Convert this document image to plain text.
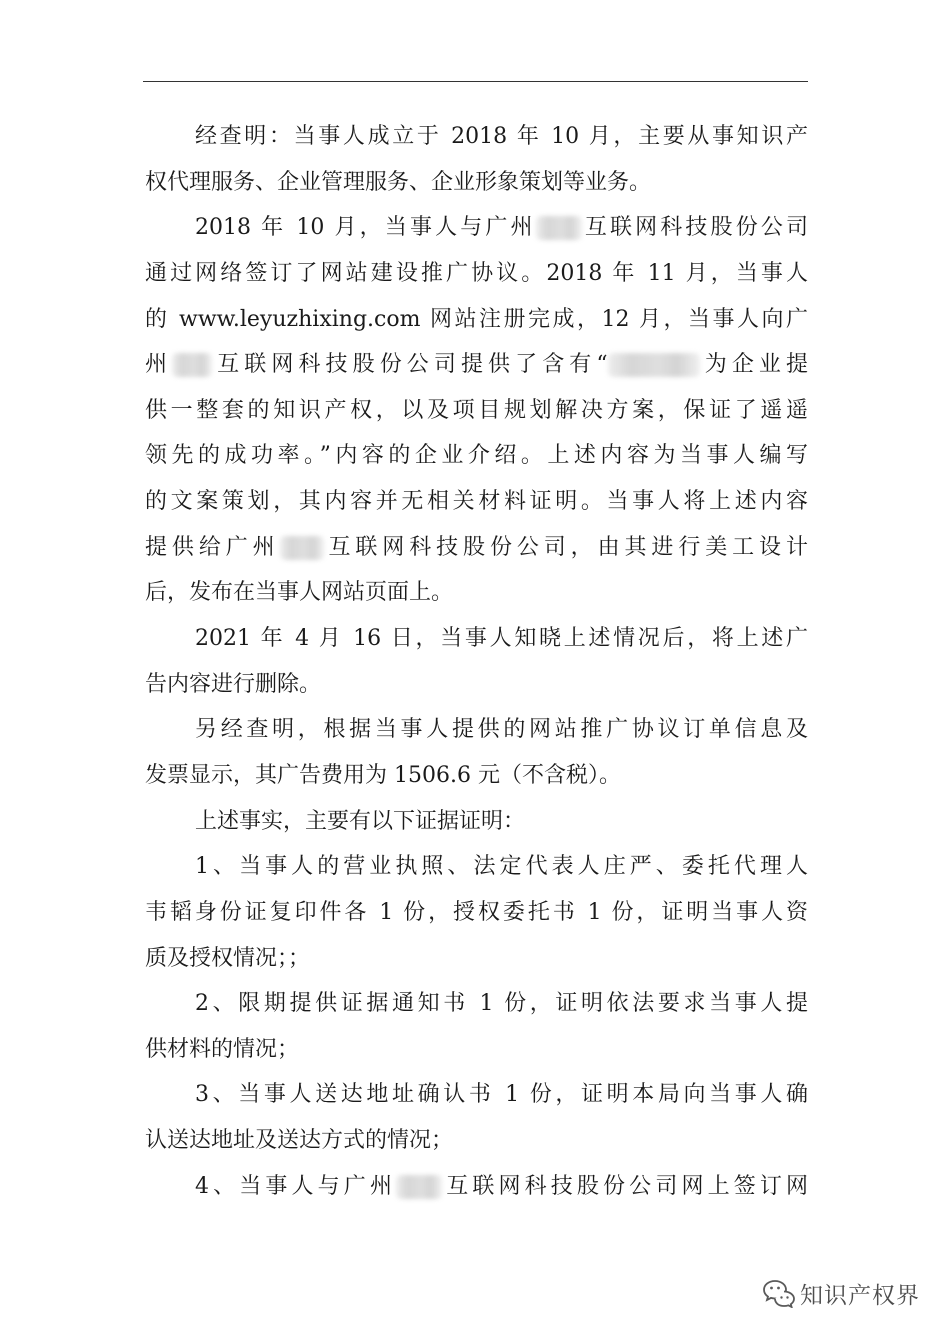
经查明：当事人成立于 2018 年 10 月，主要从事知识产
权代理服务、企业管理服务、企业形象策划等业务。
2018 年 10 月，当事人与广州 互联网科技股份公司
通过网络签订了网站建设推广协议。2018 年 11 月，当事人
的 www.leyuzhixing.com 网站注册完成，12 月，当事人向广
州 互联网科技股份公司提供了含有“	为企业提
供一整套的知识产权，以及项目规划解决方案，保证了遥遥
领先的成功率。”内容的企业介绍。上述内容为当事人编写
的文案策划，其内容并无相关材料证明。当事人将上述内容
提供给广州 互联网科技股份公司，由其进行美工设计
后，发布在当事人网站页面上。
2021 年 4 月 16 日，当事人知晓上述情况后，将上述广
告内容进行删除。
另经查明，根据当事人提供的网站推广协议订单信息及
发票显示，其广告费用为 1506.6 元（不含税）。
上述事实，主要有以下证据证明：
1、当事人的营业执照、法定代表人庄严、委托代理人
韦韬身份证复印件各 1 份，授权委托书 1 份，证明当事人资
质及授权情况；；
2、限期提供证据通知书 1 份，证明依法要求当事人提
供材料的情况；
3、当事人送达地址确认书 1 份，证明本局向当事人确
认送达地址及送达方式的情况；
4、当事人与广州 互联网科技股份公司网上签订网
知识产权界
